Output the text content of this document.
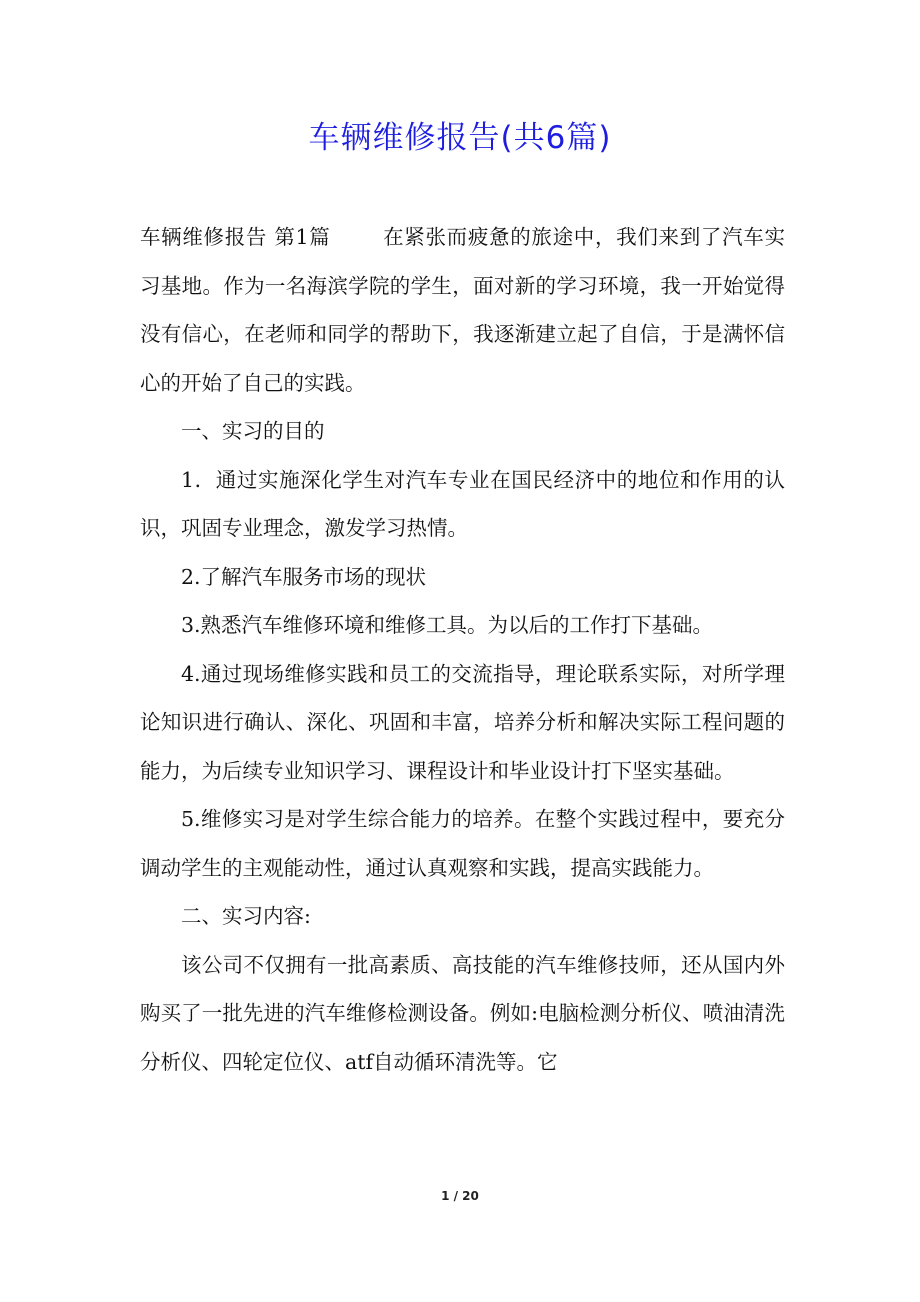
车辆维修报告(共6篇)

车辆维修报告 第1篇	在紧张而疲惫的旅途中，我们来到了汽车实习基地。作为一名海滨学院的学生，面对新的学习环境，我一开始觉得没有信心，在老师和同学的帮助下，我逐渐建立起了自信，于是满怀信心的开始了自己的实践。

一、实习的目的

1．通过实施深化学生对汽车专业在国民经济中的地位和作用的认识，巩固专业理念，激发学习热情。

2.了解汽车服务市场的现状

3.熟悉汽车维修环境和维修工具。为以后的工作打下基础。

4.通过现场维修实践和员工的交流指导，理论联系实际，对所学理论知识进行确认、深化、巩固和丰富，培养分析和解决实际工程问题的能力，为后续专业知识学习、课程设计和毕业设计打下坚实基础。

5.维修实习是对学生综合能力的培养。在整个实践过程中，要充分调动学生的主观能动性，通过认真观察和实践，提高实践能力。

二、实习内容:

该公司不仅拥有一批高素质、高技能的汽车维修技师，还从国内外购买了一批先进的汽车维修检测设备。例如:电脑检测分析仪、喷油清洗分析仪、四轮定位仪、atf自动循环清洗等。它

1 / 20
